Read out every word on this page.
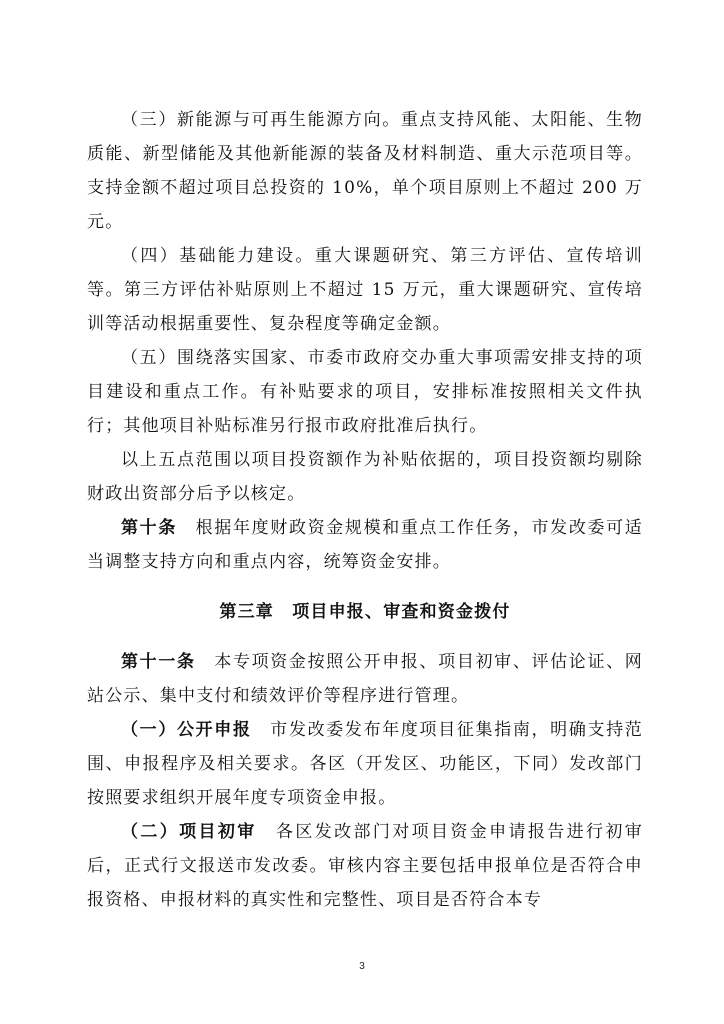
（三）新能源与可再生能源方向。重点支持风能、太阳能、生物质能、新型储能及其他新能源的装备及材料制造、重大示范项目等。支持金额不超过项目总投资的 10%，单个项目原则上不超过 200 万元。

（四）基础能力建设。重大课题研究、第三方评估、宣传培训等。第三方评估补贴原则上不超过 15 万元，重大课题研究、宣传培训等活动根据重要性、复杂程度等确定金额。

（五）围绕落实国家、市委市政府交办重大事项需安排支持的项目建设和重点工作。有补贴要求的项目，安排标准按照相关文件执行；其他项目补贴标准另行报市政府批准后执行。

以上五点范围以项目投资额作为补贴依据的，项目投资额均剔除财政出资部分后予以核定。

第十条　根据年度财政资金规模和重点工作任务，市发改委可适当调整支持方向和重点内容，统筹资金安排。

第三章　项目申报、审查和资金拨付

第十一条　本专项资金按照公开申报、项目初审、评估论证、网站公示、集中支付和绩效评价等程序进行管理。

（一）公开申报　市发改委发布年度项目征集指南，明确支持范围、申报程序及相关要求。各区（开发区、功能区，下同）发改部门按照要求组织开展年度专项资金申报。

（二）项目初审　各区发改部门对项目资金申请报告进行初审后，正式行文报送市发改委。审核内容主要包括申报单位是否符合申报资格、申报材料的真实性和完整性、项目是否符合本专

3
